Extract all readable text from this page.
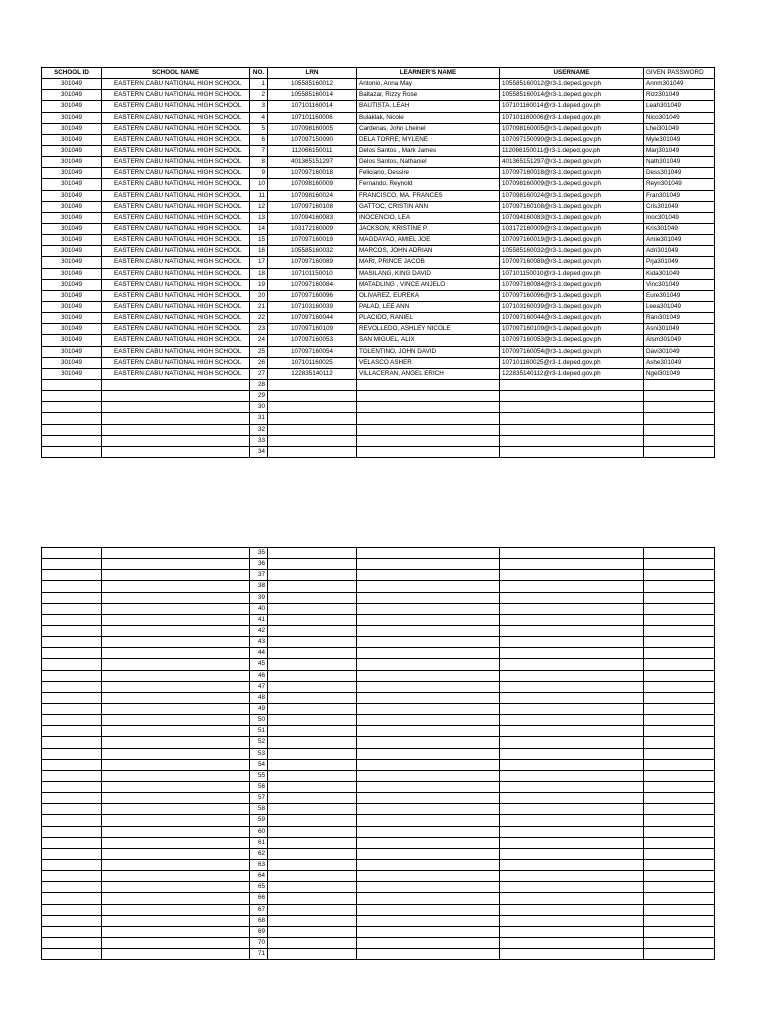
SCHOOL ID	SCHOOL NAME	NO.	LRN	LEARNER'S NAME	USERNAME	GIVEN PASSWORD
301049	EASTERN CABU NATIONAL HIGH SCHOOL	1	105585160012	Antonio, Anna May	105585160012@r3-1.deped.gov.ph	Annm301049
301049	EASTERN CABU NATIONAL HIGH SCHOOL	2	105585160014	Baltazar, Rizzy Rose	105585160014@r3-1.deped.gov.ph	Rizz301049
301049	EASTERN CABU NATIONAL HIGH SCHOOL	3	107101160014	BAUTISTA, LEAH	107101160014@r3-1.deped.gov.ph	Leah301049
301049	EASTERN CABU NATIONAL HIGH SCHOOL	4	107101160006	Bulaklak, Nicole	107101160006@r3-1.deped.gov.ph	Nico301049
301049	EASTERN CABU NATIONAL HIGH SCHOOL	5	107098160005	Cardenas, John Lheinel	107098160005@r3-1.deped.gov.ph	Lhei301049
301049	EASTERN CABU NATIONAL HIGH SCHOOL	6	107097150090	DELA TORRE, MYLENE	107097150090@r3-1.deped.gov.ph	Myle301049
301049	EASTERN CABU NATIONAL HIGH SCHOOL	7	112066150011	Delos Santos , Mark James	112066150011@r3-1.deped.gov.ph	Marj301049
301049	EASTERN CABU NATIONAL HIGH SCHOOL	8	401365151297	Delos Santos, Nathaniel	401365151297@r3-1.deped.gov.ph	Nath301049
301049	EASTERN CABU NATIONAL HIGH SCHOOL	9	107097160018	Feliciano, Dessire	107097160018@r3-1.deped.gov.ph	Dess301049
301049	EASTERN CABU NATIONAL HIGH SCHOOL	10	107098160009	Fernando, Reynold	107098160009@r3-1.deped.gov.ph	Reyn301049
301049	EASTERN CABU NATIONAL HIGH SCHOOL	11	107098160024	FRANCISCO, MA. FRANCES	107098160024@r3-1.deped.gov.ph	Fran301049
301049	EASTERN CABU NATIONAL HIGH SCHOOL	12	107097160108	GATTOC, CRISTIN ANN	107097160108@r3-1.deped.gov.ph	Cris301049
301049	EASTERN CABU NATIONAL HIGH SCHOOL	13	107094160083	INOCENCIO, LEA	107094160083@r3-1.deped.gov.ph	Inoc301049
301049	EASTERN CABU NATIONAL HIGH SCHOOL	14	103172160009	JACKSON, KRISTINE P.	103172160009@r3-1.deped.gov.ph	Kris301049
301049	EASTERN CABU NATIONAL HIGH SCHOOL	15	107097160019	MAGDAYAO, AMIEL JOE	107097160019@r3-1.deped.gov.ph	Amie301049
301049	EASTERN CABU NATIONAL HIGH SCHOOL	16	105585160032	MARCOS, JOHN ADRIAN	105585160032@r3-1.deped.gov.ph	Adri301049
301049	EASTERN CABU NATIONAL HIGH SCHOOL	17	107097160089	MARI, PRINCE JACOB	107097160089@r3-1.deped.gov.ph	Prja301049
301049	EASTERN CABU NATIONAL HIGH SCHOOL	18	107101150010	MASILANG, KING DAVID	107101150010@r3-1.deped.gov.ph	Kida301049
301049	EASTERN CABU NATIONAL HIGH SCHOOL	19	107097160084	MATADLING , VINCE ANJELO	107097160084@r3-1.deped.gov.ph	Vinc301049
301049	EASTERN CABU NATIONAL HIGH SCHOOL	20	107097160096	OLIVAREZ, EUREKA	107097160096@r3-1.deped.gov.ph	Eure301049
301049	EASTERN CABU NATIONAL HIGH SCHOOL	21	107103160039	PALAD, LEE ANN	107103160039@r3-1.deped.gov.ph	Leea301049
301049	EASTERN CABU NATIONAL HIGH SCHOOL	22	107097160044	PLACIDO, RANIEL	107097160044@r3-1.deped.gov.ph	Rani301049
301049	EASTERN CABU NATIONAL HIGH SCHOOL	23	107097160109	REVOLLEDO, ASHLEY NICOLE	107097160109@r3-1.deped.gov.ph	Asni301049
301049	EASTERN CABU NATIONAL HIGH SCHOOL	24	107097160053	SAN MIGUEL, ALIX	107097160053@r3-1.deped.gov.ph	Alsm301049
301049	EASTERN CABU NATIONAL HIGH SCHOOL	25	107097160054	TOLENTINO, JOHN DAVID	107097160054@r3-1.deped.gov.ph	Davi301049
301049	EASTERN CABU NATIONAL HIGH SCHOOL	26	107101160025	VELASCO ASHER	107101160025@r3-1.deped.gov.ph	Ashe301049
301049	EASTERN CABU NATIONAL HIGH SCHOOL	27	122835140112	VILLACERAN, ANGEL ERICH	122835140112@r3-1.deped.gov.ph	Ngel301049
		28				
		29				
		30				
		31				
		32				
		33				
		34				
		35				
		36				
		37				
		38				
		39				
		40				
		41				
		42				
		43				
		44				
		45				
		46				
		47				
		48				
		49				
		50				
		51				
		52				
		53				
		54				
		55				
		56				
		57				
		58				
		59				
		60				
		61				
		62				
		63				
		64				
		65				
		66				
		67				
		68				
		69				
		70				
		71				
